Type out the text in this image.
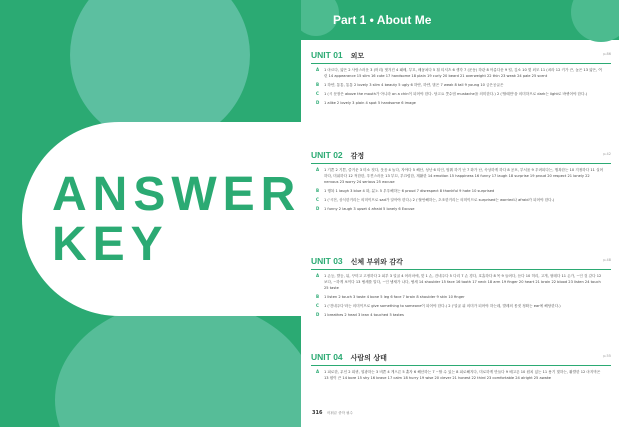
ANSWER
KEY
Part 1 • About Me
UNIT 01 외모	p.86
A	1 마르다, 얇은 2 사랑스러운 3 (머리) 벗겨진 4 패배, 부끄, 배꼽쳐다 5 흰 티셔츠 6 생각 7 (운동) 하관 8 아름다운 9 털, 깊소 10 몇 외모 11 (쇠라 12 키가 큰, 높은 13 얇은, 여린 14 appearance 15 slim 16 cute 17 handsome 18 plain 19 curly 20 beard 21 overweight 22 thin 23 weak 24 pale 25 scent
B	1 하얀, 통통, 통통 2 lovely 3 slim 4 beauty 5 ugly 6 하얀, 하얀, 많은 7 weak 8 tall 9 young 10 금은공글은
C	1 (시 문장은 above the mouth가 아니라 on a chin이 되어야 한다. 당고요 콧수염 mustache을 의미한다.) 2 ('할때만'을 의미하므로 dark는 light로 바뀌어야 한다.)
D	1 alike 2 lovely 3 plain 4 spot 5 handsome 6 image
UNIT 02 감정	p.42
A	1 기쁜 2 기쁜, 즐거운 3 미소 짓다, 웃음 4 놀다, 자야다 5 해산, 성난 6 티인, 멈춰 하기 난 7 화가 난, 속상하게 하다 8 공포, 부서움 9 우려되다는, 행복한는 10 걱정하다 11 실어하다, 미워하다 12 적한한, 우견스러운 13 부끄, 부끄럽한, 재활한 14 emotion 15 happiness 16 funny 17 laugh 18 surprise 19 proud 20 respect 21 lonely 22 nervous 23 worry 24 serious 25 excuse
B	1 행복 1 laugh 3 blue 4 화, 분노 5 우우해하는 6 proud 7 disrespect 8 thankful 9 hate 10 surprised
C	1 ('시전, 상식한거리는 의미이므로 sad가 알아야 한다.) 2 ('불안해하는, 초조한거리는 의미이므로 surprised는 worried나 afraid가 되어야 한다.)
D	1 funny 2 laugh 3 upset 4 afraid 5 lonely 6 Excuse
UNIT 03 신체 부위와 감각	p.48
A	1 손등, 발등, 뒤, 꾸미고 고정하다 2 피부 3 얼굴 4 어러마에, 맞 1 손, 건네주다 5 다리 7 손 경다, 호흡하다 8 목 9 들려다, 듣다 10 허리, 고개, 형테다 11 손가, ~인 것 같다 12 보다, ~하게 보이다 13 냄새를 말다, ~인 냄새가 나다, 냄새 14 shoulder 15 face 16 tooth 17 neck 18 arm 19 finger 20 heart 21 brain 22 blood 23 listen 24 touch 25 taste
B	1 listen 2 touch 3 taste 4 bone 5 leg 6 face 7 brain 8 shoulder 9 skin 10 finger
C	1 ('건네주다'라는 의미이므로 give something to someone이 되어야 한다.) 2 ('얼굴 위 의미가 되어야 하는데, 발레의 몸짓 정확는 ear에 해당한다.)
D	1 breathes 2 head 3 lean 4 touched 5 tastes
UNIT 04 사람의 상태	p.55
A	1 피로한, 무인 2 희귀, 열광하는 3 비쁜 4 게으른 5 훈자 6 해산하는 7 ~할 수 있는 8 피로해지다, 미로하게 만들다 9 배고픈 10 원치 있는 11 용기 빛하는, 활발한 12 마지막은 13 원이 큰 14 bore 15 shy 16 brave 17 calm 18 hurry 19 wise 20 clever 21 honest 22 third 23 comfortable 24 alright 25 awake
316 어휘끝 중학 필수
